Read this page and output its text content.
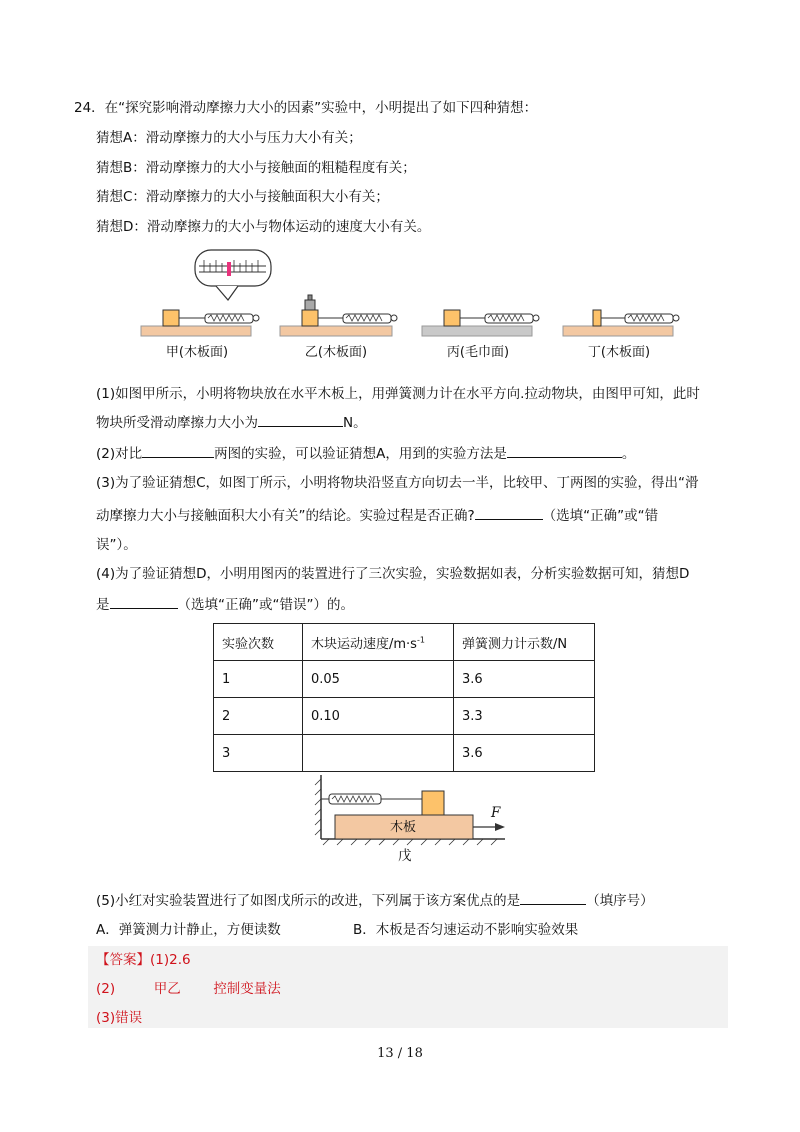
24．在“探究影响滑动摩擦力大小的因素”实验中，小明提出了如下四种猜想：
猜想A：滑动摩擦力的大小与压力大小有关；
猜想B：滑动摩擦力的大小与接触面的粗糙程度有关；
猜想C：滑动摩擦力的大小与接触面积大小有关；
猜想D：滑动摩擦力的大小与物体运动的速度大小有关。
甲(木板面)	乙(木板面)	丙(毛巾面)	丁(木板面)
(1)如图甲所示，小明将物块放在水平木板上，用弹簧测力计在水平方向.拉动物块，由图甲可知，此时
物块所受滑动摩擦力大小为	N。
(2)对比	两图的实验，可以验证猜想A，用到的实验方法是	。
(3)为了验证猜想C，如图丁所示，小明将物块沿竖直方向切去一半，比较甲、丁两图的实验，得出“滑
动摩擦力大小与接触面积大小有关”的结论。实验过程是否正确?	（选填“正确”或“错
误”）。
(4)为了验证猜想D，小明用图丙的装置进行了三次实验，实验数据如表，分析实验数据可知，猜想D
是	（选填“正确”或“错误”）的。
实验次数	木块运动速度$/m\cdot s^{-1}$	弹簧测力计示数/N
1	0.05	3.6
2	0.10	3.3
3		3.6
木板
F
戊
(5)小红对实验装置进行了如图戊所示的改进，下列属于该方案优点的是	（填序号）
A．弹簧测力计静止，方便读数	B．木板是否匀速运动不影响实验效果
【答案】(1)2.6
(2)	甲乙 控制变量法
(3)错误
13 / 18
